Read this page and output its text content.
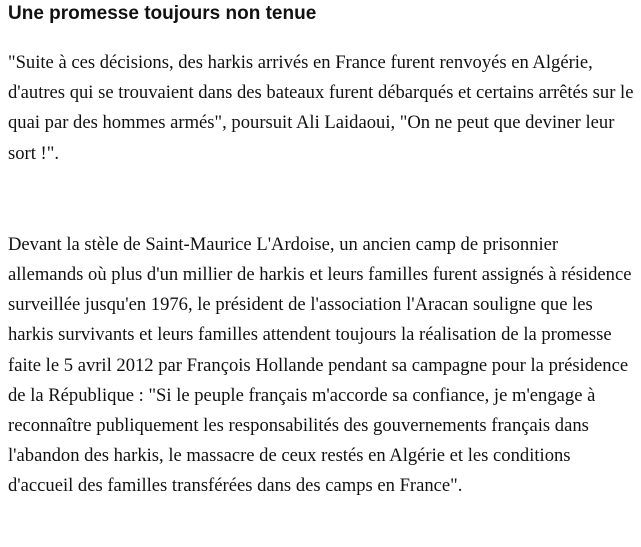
Une promesse toujours non tenue

"Suite à ces décisions, des harkis arrivés en France furent renvoyés en Algérie, d'autres qui se trouvaient dans des bateaux furent débarqués et certains arrêtés sur le quai par des hommes armés", poursuit Ali Laidaoui, "On ne peut que deviner leur sort !".

Devant la stèle de Saint-Maurice L'Ardoise, un ancien camp de prisonnier allemands où plus d'un millier de harkis et leurs familles furent assignés à résidence surveillée jusqu'en 1976, le président de l'association l'Aracan souligne que les harkis survivants et leurs familles attendent toujours la réalisation de la promesse faite le 5 avril 2012 par François Hollande pendant sa campagne pour la présidence de la République : "Si le peuple français m'accorde sa confiance, je m'engage à reconnaître publiquement les responsabilités des gouvernements français dans l'abandon des harkis, le massacre de ceux restés en Algérie et les conditions d'accueil des familles transférées dans des camps en France".
